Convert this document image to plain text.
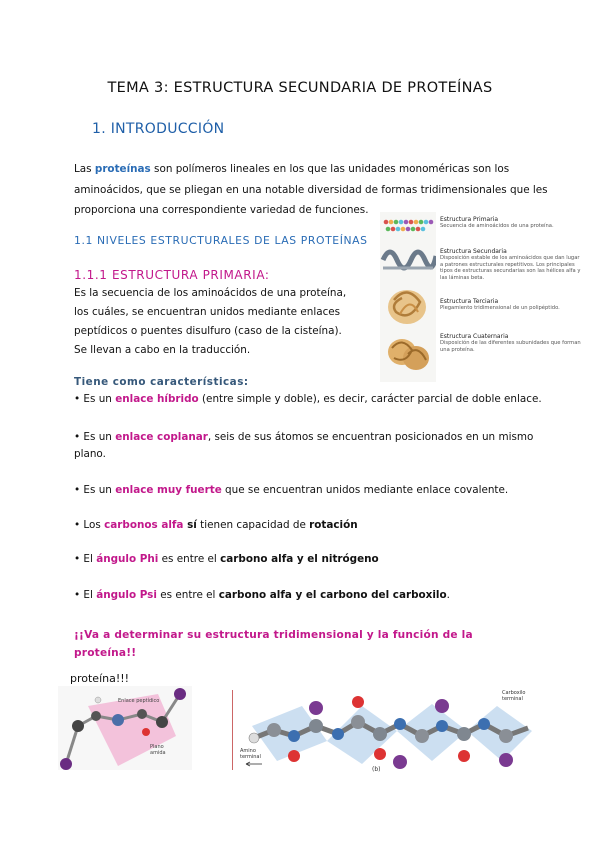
TEMA 3: ESTRUCTURA SECUNDARIA DE PROTEÍNAS
1. INTRODUCCIÓN
Las proteínas son polímeros lineales en los que las unidades monoméricas son los
aminoácidos, que se pliegan en una notable diversidad de formas tridimensionales que les
proporciona una correspondiente variedad de funciones.
1.1 NIVELES ESTRUCTURALES DE LAS PROTEÍNAS
1.1.1 ESTRUCTURA PRIMARIA:
Es la secuencia de los aminoácidos de una proteína,
los cuáles, se encuentran unidos mediante enlaces
peptídicos o puentes disulfuro (caso de la cisteína).
Se llevan a cabo en la traducción.
Estructura Primaria
Secuencia de aminoácidos de una proteína.
Estructura Secundaria
Disposición estable de los aminoácidos que dan lugar a patrones estructurales repetitivos. Los principales tipos de estructuras secundarias son las hélices alfa y las láminas beta.
Estructura Terciaria
Plegamiento tridimensional de un polipéptido.
Estructura Cuaternaria
Disposición de las diferentes subunidades que forman una proteína.
Tiene como características:
• Es un enlace híbrido (entre simple y doble), es decir, carácter parcial de doble enlace.
• Es un enlace coplanar, seis de sus átomos se encuentran posicionados en un mismo
plano.
• Es un enlace muy fuerte que se encuentran unidos mediante enlace covalente.
• Los carbonos alfa sí tienen capacidad de rotación
• El ángulo Phi es entre el carbono alfa y el nitrógeno
• El ángulo Psi es entre el carbono alfa y el carbono del carboxilo.
¡¡Va a determinar su estructura tridimensional y la función de la
proteína!!
proteína!!!
Enlace peptídico
Plano amida	Amino terminal
Carboxilo terminal
(b)
